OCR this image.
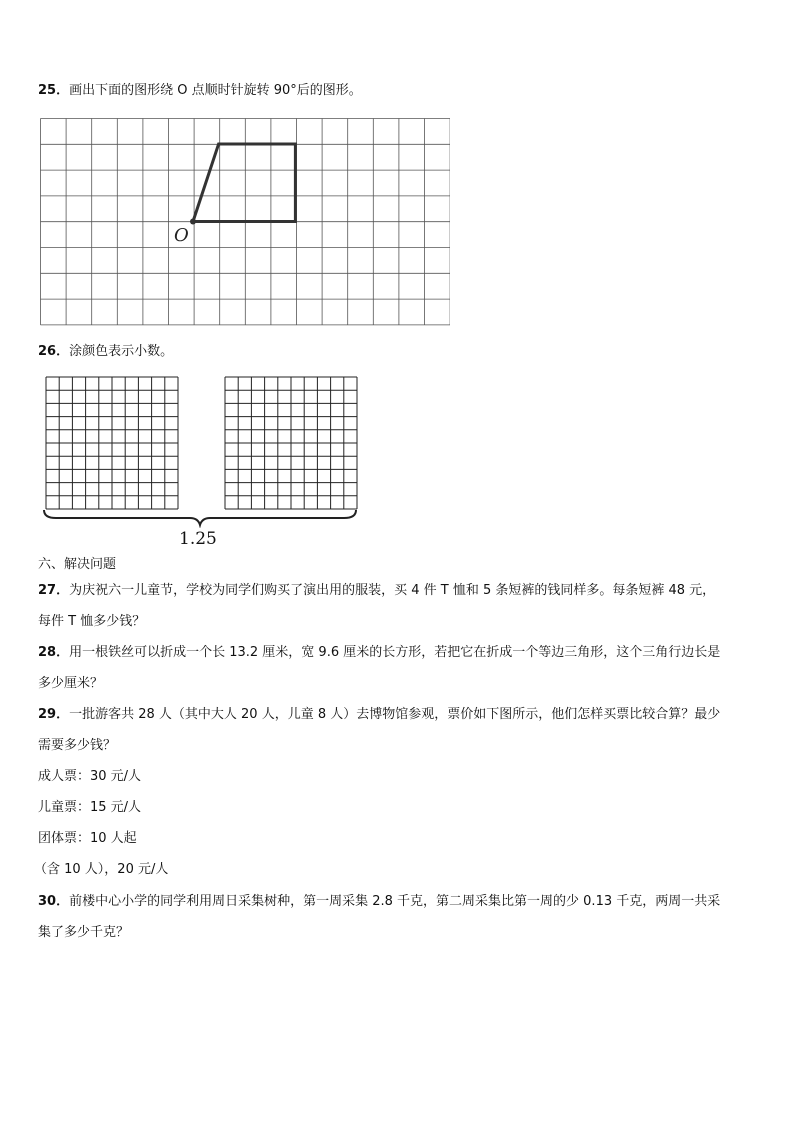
25．画出下面的图形绕 O 点顺时针旋转 90°后的图形。
O
26．涂颜色表示小数。
1.25
六、解决问题
27．为庆祝六一儿童节，学校为同学们购买了演出用的服装，买 4 件 T 恤和 5 条短裤的钱同样多。每条短裤 48 元，
每件 T 恤多少钱？
28．用一根铁丝可以折成一个长 13.2 厘米，宽 9.6 厘米的长方形，若把它在折成一个等边三角形，这个三角行边长是
多少厘米？
29．一批游客共 28 人（其中大人 20 人，儿童 8 人）去博物馆参观，票价如下图所示，他们怎样买票比较合算？最少
需要多少钱？
成人票：30 元/人
儿童票：15 元/人
团体票：10 人起
（含 10 人），20 元/人
30．前楼中心小学的同学利用周日采集树种，第一周采集 2.8 千克，第二周采集比第一周的少 0.13 千克，两周一共采
集了多少千克？
